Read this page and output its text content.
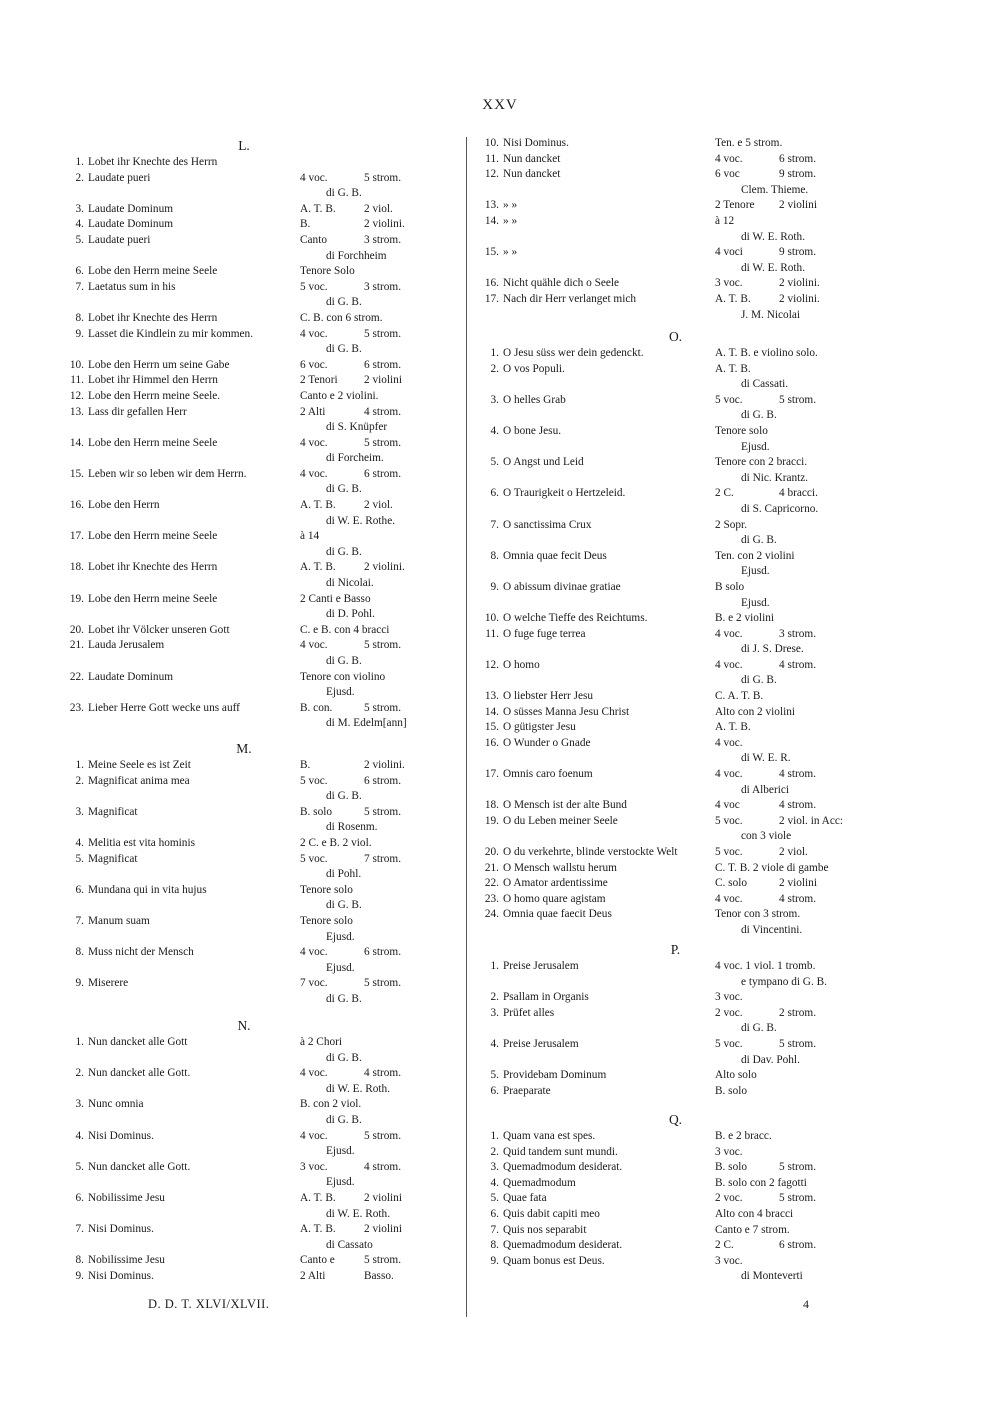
XXV
L.
1. Lobet ihr Knechte des Herrn
2. Laudate pueri	4 voc.	5 strom.
di G. B.
3. Laudate Dominum	A. T. B.	2 viol.
4. Laudate Dominum	B.	2 violini.
5. Laudate pueri	Canto	3 strom.
di Forchheim
6. Lobe den Herrn meine Seele	Tenore Solo
7. Laetatus sum in his	5 voc.	3 strom.
di G. B.
8. Lobet ihr Knechte des Herrn	C. B. con 6 strom.
9. Lasset die Kindlein zu mir kommen.	4 voc.	5 strom.
di G. B.
10. Lobe den Herrn um seine Gabe	6 voc.	6 strom.
11. Lobet ihr Himmel den Herrn	2 Tenori 2 violini
12. Lobe den Herrn meine Seele.	Canto e 2 violini.
13. Lass dir gefallen Herr	2 Alti	4 strom.
di S. Knüpfer
14. Lobe den Herrn meine Seele	4 voc.	5 strom.
di Forcheim.
15. Leben wir so leben wir dem Herrn.	4 voc.	6 strom.
di G. B.
16. Lobe den Herrn	A. T. B.	2 viol.
di W. E. Rothe.
17. Lobe den Herrn meine Seele	à 14
di G. B.
18. Lobet ihr Knechte des Herrn	A. T. B.	2 violini.
di Nicolai.
19. Lobe den Herrn meine Seele	2 Canti e Basso
di D. Pohl.
20. Lobet ihr Völcker unseren Gott	C. e B. con 4 bracci
21. Lauda Jerusalem	4 voc.	5 strom.
di G. B.
22. Laudate Dominum	Tenore con violino
Ejusd.
23. Lieber Herre Gott wecke uns auff	B. con.	5 strom.
di M. Edelm[ann]
M.
1. Meine Seele es ist Zeit	B.	2 violini.
2. Magnificat anima mea	5 voc.	6 strom.
di G. B.
3. Magnificat	B. solo	5 strom.
di Rosenm.
4. Melitia est vita hominis	2 C. e B. 2 viol.
5. Magnificat	5 voc.	7 strom.
di Pohl.
6. Mundana qui in vita hujus	Tenore solo
di G. B.
7. Manum suam	Tenore solo
Ejusd.
8. Muss nicht der Mensch	4 voc.	6 strom.
Ejusd.
9. Miserere	7 voc.	5 strom.
di G. B.
N.
1. Nun dancket alle Gott	à 2 Chori
di G. B.
2. Nun dancket alle Gott.	4 voc.	4 strom.
di W. E. Roth.
3. Nunc omnia	B. con 2 viol.
di G. B.
4. Nisi Dominus.	4 voc.	5 strom.
Ejusd.
5. Nun dancket alle Gott.	3 voc.	4 strom.
Ejusd.
6. Nobilissime Jesu	A. T. B.	2 violini
di W. E. Roth.
7. Nisi Dominus.	A. T. B.	2 violini
di Cassato
8. Nobilissime Jesu	Canto e	5 strom.
9. Nisi Dominus.	2 Alti	Basso.
10. Nisi Dominus.	Ten. e 5 strom.
11. Nun dancket	4 voc.	6 strom.
12. Nun dancket	6 voc	9 strom.
Clem. Thieme.
13. » »	2 Tenore 2 violini
14. » »	à 12
di W. E. Roth.
15. » »	4 voci	9 strom.
di W. E. Roth.
16. Nicht quähle dich o Seele	3 voc.	2 violini.
17. Nach dir Herr verlanget mich	A. T. B.	2 violini.
J. M. Nicolai
O.
1. O Jesu süss wer dein gedenckt.	A. T. B. e violino solo.
2. O vos Populi.	A. T. B.
di Cassati.
3. O helles Grab	5 voc.	5 strom.
di G. B.
4. O bone Jesu.	Tenore solo
Ejusd.
5. O Angst und Leid	Tenore con 2 bracci.
di Nic. Krantz.
6. O Traurigkeit o Hertzeleid.	2 C.	4 bracci.
di S. Capricorno.
7. O sanctissima Crux	2 Sopr.
di G. B.
8. Omnia quae fecit Deus	Ten. con 2 violini
Ejusd.
9. O abissum divinae gratiae	B solo
Ejusd.
10. O welche Tieffe des Reichtums.	B. e 2 violini
11. O fuge fuge terrea	4 voc.	3 strom.
di J. S. Drese.
12. O homo	4 voc.	4 strom.
di G. B.
13. O liebster Herr Jesu	C. A. T. B.
14. O süsses Manna Jesu Christ	Alto con 2 violini
15. O gütigster Jesu	A. T. B.
16. O Wunder o Gnade	4 voc.
di W. E. R.
17. Omnis caro foenum	4 voc.	4 strom.
di Alberici
18. O Mensch ist der alte Bund	4 voc	4 strom.
19. O du Leben meiner Seele	5 voc.	2 viol. in Acc:
con 3 viole
20. O du verkehrte, blinde verstockte Welt	5 voc.	2 viol.
21. O Mensch wallstu herum	C. T. B. 2 viole di gambe
22. O Amator ardentissime	C. solo	2 violini
23. O homo quare agistam	4 voc.	4 strom.
24. Omnia quae faecit Deus	Tenor con 3 strom.
di Vincentini.
P.
1. Preise Jerusalem	4 voc. 1 viol. 1 tromb.
e tympano di G. B.
2. Psallam in Organis	3 voc.
3. Prüfet alles	2 voc.	2 strom.
di G. B.
4. Preise Jerusalem	5 voc.	5 strom.
di Dav. Pohl.
5. Providebam Dominum	Alto solo
6. Praeparate	B. solo
Q.
1. Quam vana est spes.	B. e 2 bracc.
2. Quid tandem sunt mundi.	3 voc.
3. Quemadmodum desiderat.	B. solo	5 strom.
4. Quemadmodum	B. solo con 2 fagotti
5. Quae fata	2 voc.	5 strom.
6. Quis dabit capiti meo	Alto con 4 bracci
7. Quis nos separabit	Canto e 7 strom.
8. Quemadmodum desiderat.	2 C.	6 strom.
9. Quam bonus est Deus.	3 voc.
di Monteverti
D. D. T. XLVI/XLVII.	4
